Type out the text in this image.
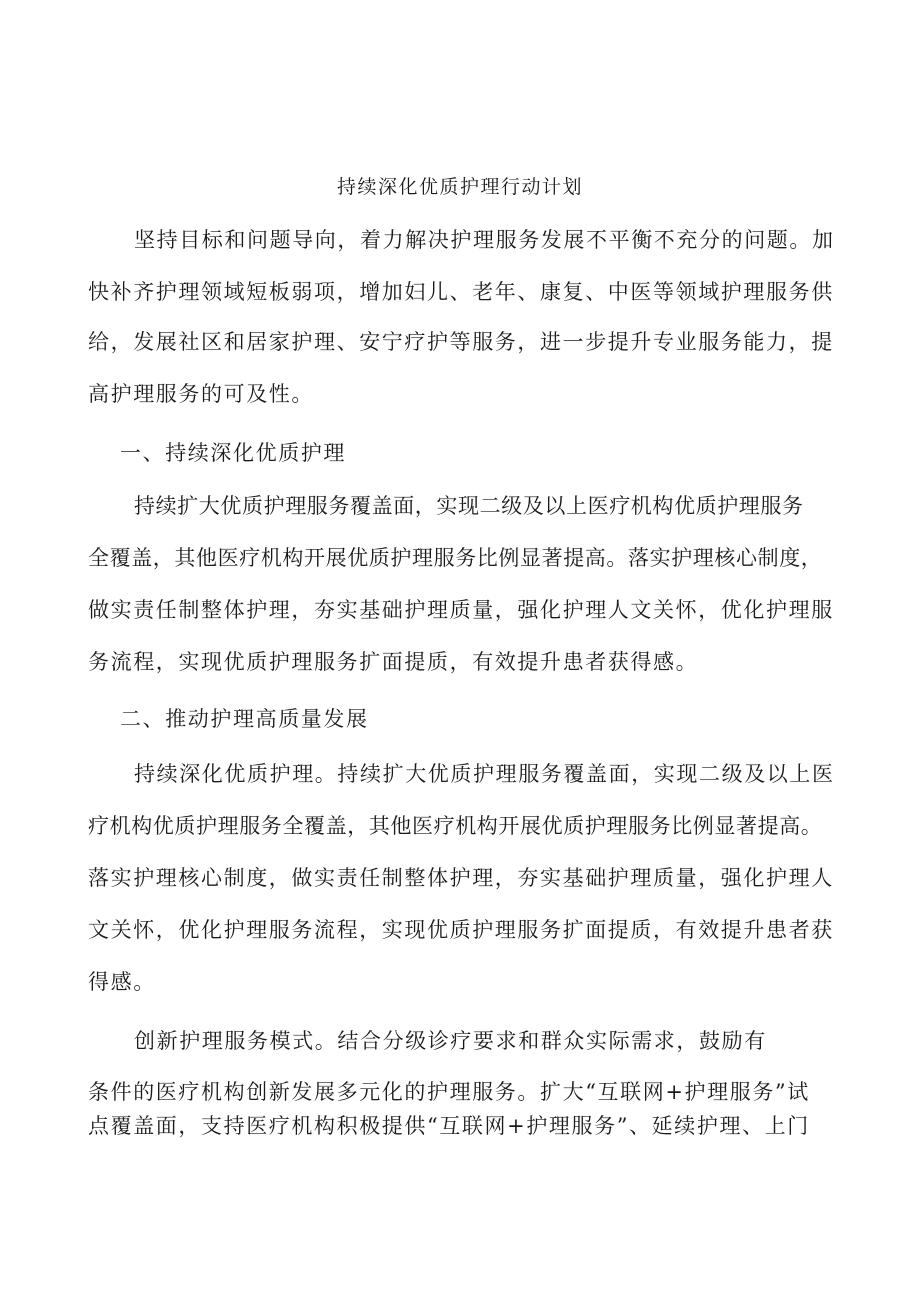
持续深化优质护理行动计划
坚持目标和问题导向，着力解决护理服务发展不平衡不充分的问题。加
快补齐护理领域短板弱项，增加妇儿、老年、康复、中医等领域护理服务供
给，发展社区和居家护理、安宁疗护等服务，进一步提升专业服务能力，提
高护理服务的可及性。
一、持续深化优质护理
持续扩大优质护理服务覆盖面，实现二级及以上医疗机构优质护理服务
全覆盖，其他医疗机构开展优质护理服务比例显著提高。落实护理核心制度，
做实责任制整体护理，夯实基础护理质量，强化护理人文关怀，优化护理服
务流程，实现优质护理服务扩面提质，有效提升患者获得感。
二、推动护理高质量发展
持续深化优质护理。持续扩大优质护理服务覆盖面，实现二级及以上医
疗机构优质护理服务全覆盖，其他医疗机构开展优质护理服务比例显著提高。
落实护理核心制度，做实责任制整体护理，夯实基础护理质量，强化护理人
文关怀，优化护理服务流程，实现优质护理服务扩面提质，有效提升患者获
得感。
创新护理服务模式。结合分级诊疗要求和群众实际需求，鼓励有
条件的医疗机构创新发展多元化的护理服务。扩大“互联网+护理服务”试
点覆盖面，支持医疗机构积极提供“互联网+护理服务”、延续护理、上门
